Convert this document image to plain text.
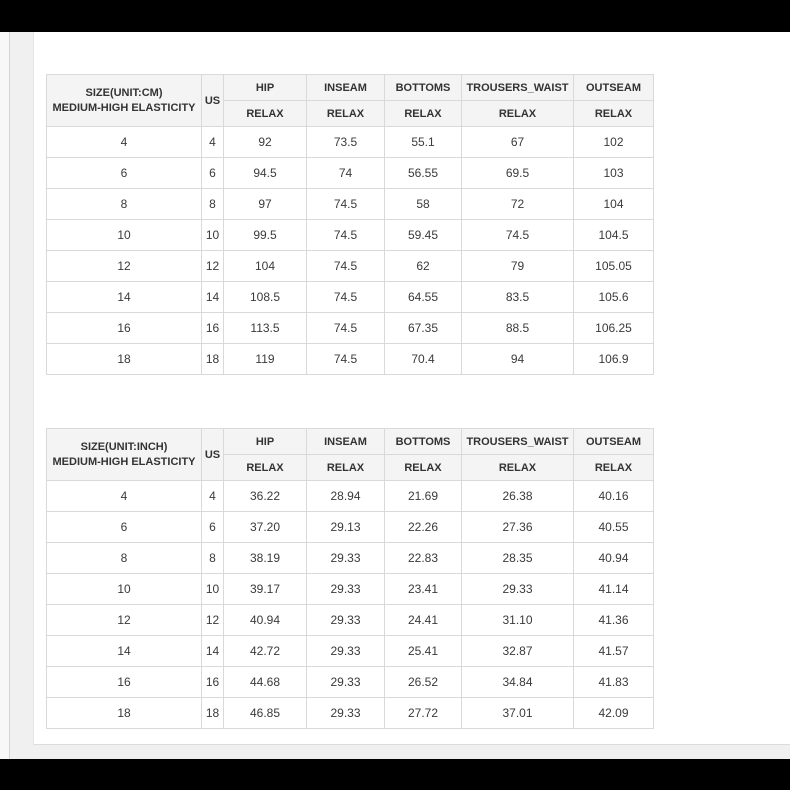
SIZE(UNIT:CM)
MEDIUM-HIGH ELASTICITY	US	HIP	INSEAM	BOTTOMS	TROUSERS_WAIST	OUTSEAM
		RELAX	RELAX	RELAX	RELAX	RELAX
4	4	92	73.5	55.1	67	102
6	6	94.5	74	56.55	69.5	103
8	8	97	74.5	58	72	104
10	10	99.5	74.5	59.45	74.5	104.5
12	12	104	74.5	62	79	105.05
14	14	108.5	74.5	64.55	83.5	105.6
16	16	113.5	74.5	67.35	88.5	106.25
18	18	119	74.5	70.4	94	106.9
SIZE(UNIT:INCH)
MEDIUM-HIGH ELASTICITY	US	HIP	INSEAM	BOTTOMS	TROUSERS_WAIST	OUTSEAM
		RELAX	RELAX	RELAX	RELAX	RELAX
4	4	36.22	28.94	21.69	26.38	40.16
6	6	37.20	29.13	22.26	27.36	40.55
8	8	38.19	29.33	22.83	28.35	40.94
10	10	39.17	29.33	23.41	29.33	41.14
12	12	40.94	29.33	24.41	31.10	41.36
14	14	42.72	29.33	25.41	32.87	41.57
16	16	44.68	29.33	26.52	34.84	41.83
18	18	46.85	29.33	27.72	37.01	42.09
